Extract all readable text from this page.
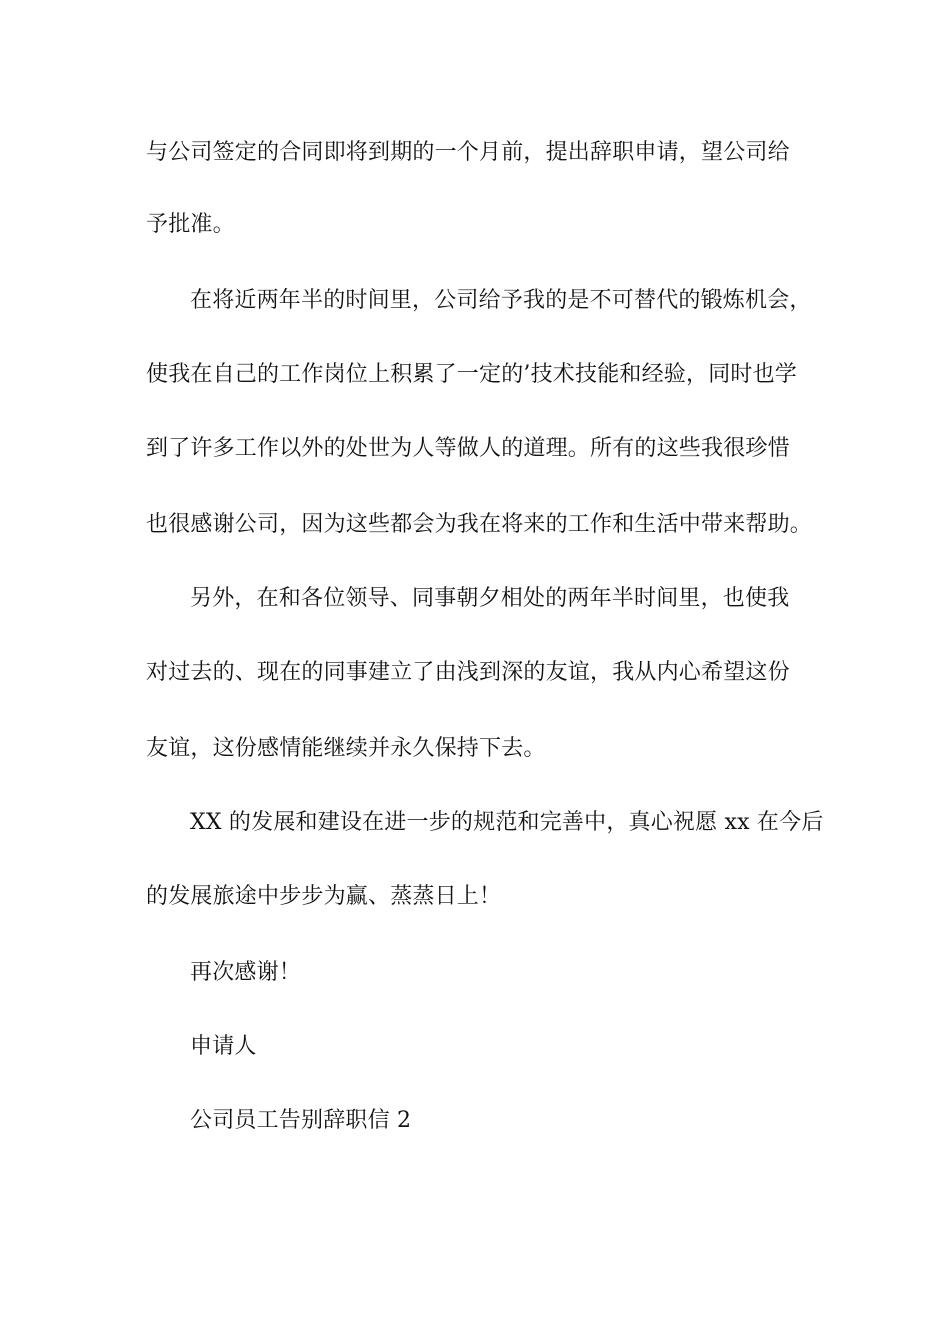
与公司签定的合同即将到期的一个月前，提出辞职申请，望公司给
予批准。
在将近两年半的时间里，公司给予我的是不可替代的锻炼机会，
使我在自己的工作岗位上积累了一定的’技术技能和经验，同时也学
到了许多工作以外的处世为人等做人的道理。所有的这些我很珍惜
也很感谢公司，因为这些都会为我在将来的工作和生活中带来帮助。
另外，在和各位领导、同事朝夕相处的两年半时间里，也使我
对过去的、现在的同事建立了由浅到深的友谊，我从内心希望这份
友谊，这份感情能继续并永久保持下去。
XX 的发展和建设在进一步的规范和完善中，真心祝愿 xx 在今后
的发展旅途中步步为赢、蒸蒸日上！
再次感谢！
申请人
公司员工告别辞职信 2
